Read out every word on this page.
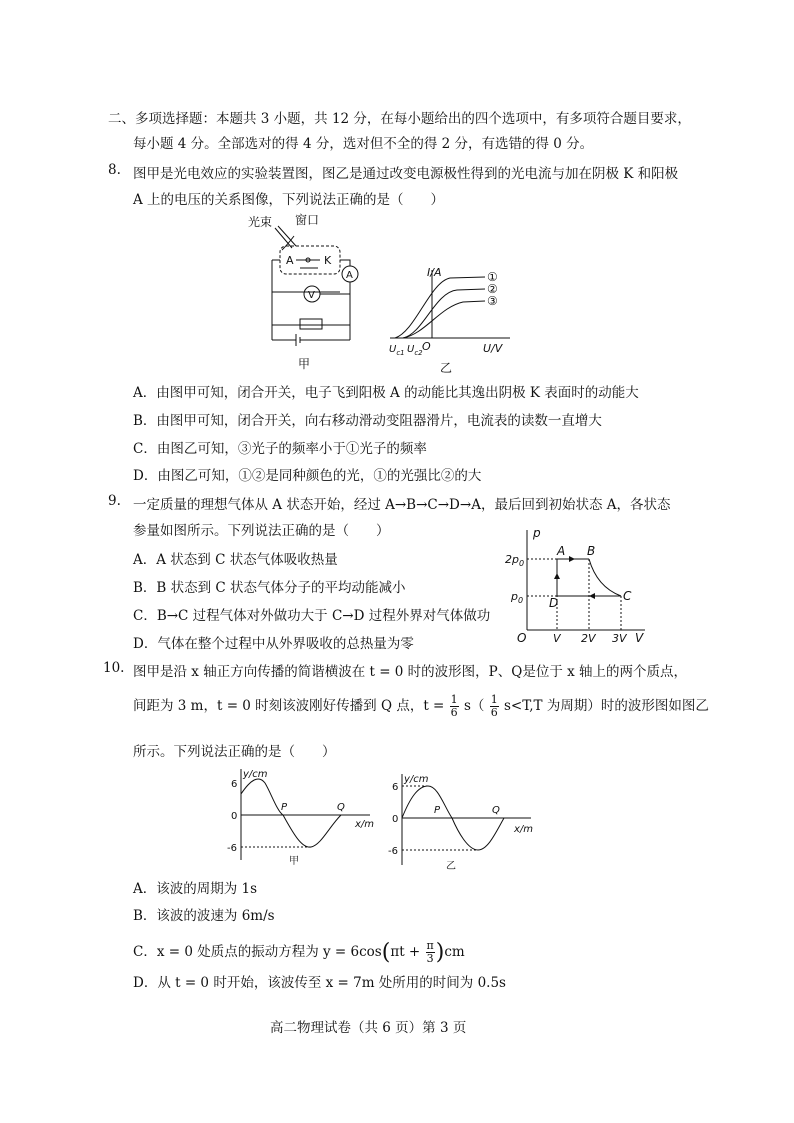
二、多项选择题：本题共 3 小题，共 12 分，在每小题给出的四个选项中，有多项符合题目要求，
每小题 4 分。全部选对的得 4 分，选对但不全的得 2 分，有选错的得 0 分。
8. 图甲是光电效应的实验装置图，图乙是通过改变电源极性得到的光电流与加在阴极 K 和阳极
A 上的电压的关系图像，下列说法正确的是（　　）
光束 窗口
A	K
A
V
甲
I/A
U/V
O
①
②
③
$U_{c1}$ $U_{c2}$
乙
A．由图甲可知，闭合开关，电子飞到阳极 A 的动能比其逸出阴极 K 表面时的动能大
B．由图甲可知，闭合开关，向右移动滑动变阻器滑片，电流表的读数一直增大
C．由图乙可知，③光子的频率小于①光子的频率
D．由图乙可知，①②是同种颜色的光，①的光强比②的大
9. 一定质量的理想气体从 A 状态开始，经过 A→B→C→D→A，最后回到初始状态 A，各状态
参量如图所示。下列说法正确的是（　　）
A．A 状态到 C 状态气体吸收热量
B．B 状态到 C 状态气体分子的平均动能减小
C．B→C 过程气体对外做功大于 C→D 过程外界对气体做功
D．气体在整个过程中从外界吸收的总热量为零
p
V
O
$2p_0$
$p_0$
A B
C
D
V 2V 3V
10. 图甲是沿 x 轴正方向传播的简谐横波在 t = 0 时的波形图，P、Q是位于 x 轴上的两个质点，
间距为 3 m，t = 0 时刻该波刚好传播到 Q 点，$t = \frac{1}{6} s( \frac{1}{6} s<T,T$ 为周期）时的波形图如图乙
所示。下列说法正确的是（　　）
y/cm
x/m
6
0
-6
P	Q
甲
y/cm
x/m
6
0
-6
P	Q
乙
A．该波的周期为 1s
B．该波的波速为 6m/s
C．x = 0 处质点的振动方程为 $y = 6\cos(\pi t + \frac{\pi}{3} )cm$
D．从 t = 0 时开始，该波传至 x = 7m 处所用的时间为 0.5s
高二物理试卷（共 6 页）第 3 页
